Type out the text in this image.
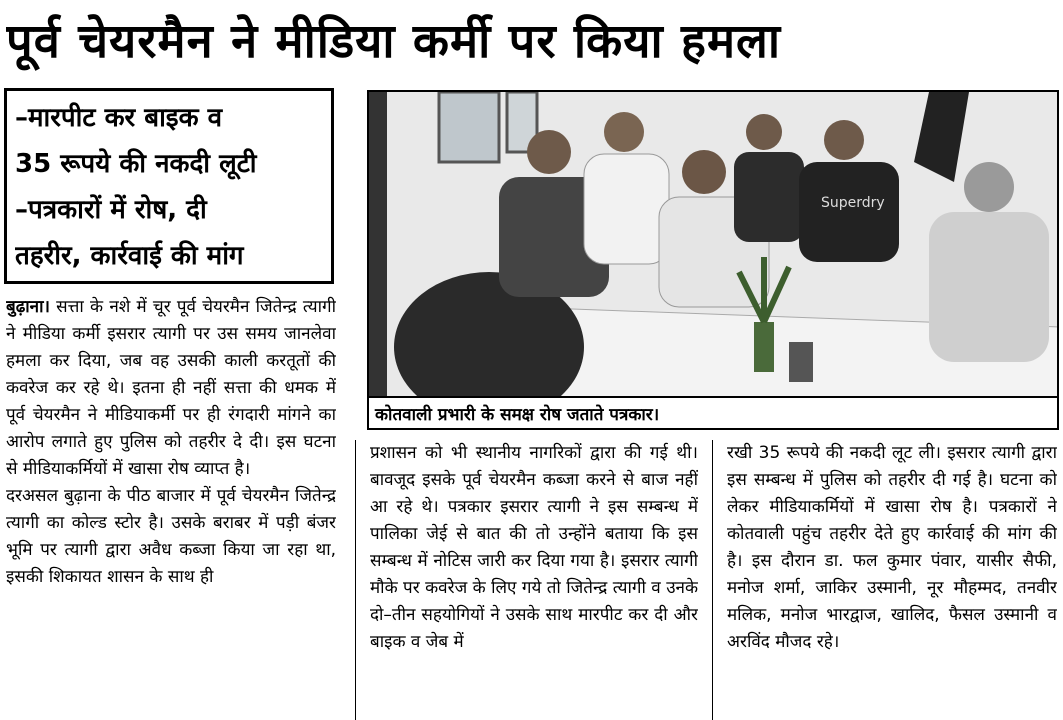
पूर्व चेयरमैन ने मीडिया कर्मी पर किया हमला
–मारपीट कर बाइक व
35 रूपये की नकदी लूटी
–पत्रकारों में रोष, दी
तहरीर, कार्रवाई की मांग
Superdry
कोतवाली प्रभारी के समक्ष रोष जताते पत्रकार।

बुढ़ाना। सत्ता के नशे में चूर पूर्व चेयरमैन जितेन्द्र त्यागी ने मीडिया कर्मी इसरार त्यागी पर उस समय जानलेवा हमला कर दिया, जब वह उसकी काली करतूतों की कवरेज कर रहे थे। इतना ही नहीं सत्ता की धमक में पूर्व चेयरमैन ने मीडियाकर्मी पर ही रंगदारी मांगने का आरोप लगाते हुए पुलिस को तहरीर दे दी। इस घटना से मीडियाकर्मियों में खासा रोष व्याप्त है।

दरअसल बुढ़ाना के पीठ बाजार में पूर्व चेयरमैन जितेन्द्र त्यागी का कोल्ड स्टोर है। उसके बराबर में पड़ी बंजर भूमि पर त्यागी द्वारा अवैध कब्जा किया जा रहा था, इसकी शिकायत शासन के साथ ही

प्रशासन को भी स्थानीय नागरिकों द्वारा की गई थी। बावजूद इसके पूर्व चेयरमैन कब्जा करने से बाज नहीं आ रहे थे। पत्रकार इसरार त्यागी ने इस सम्बन्ध में पालिका जेई से बात की तो उन्होंने बताया कि इस सम्बन्ध में नोटिस जारी कर दिया गया है। इसरार त्यागी मौके पर कवरेज के लिए गये तो जितेन्द्र त्यागी व उनके दो–तीन सहयोगियों ने उसके साथ मारपीट कर दी और बाइक व जेब में

रखी 35 रूपये की नकदी लूट ली। इसरार त्यागी द्वारा इस सम्बन्ध में पुलिस को तहरीर दी गई है। घटना को लेकर मीडियाकर्मियों में खासा रोष है। पत्रकारों ने कोतवाली पहुंच तहरीर देते हुए कार्रवाई की मांग की है। इस दौरान डा. फल कुमार पंवार, यासीर सैफी, मनोज शर्मा, जाकिर उस्मानी, नूर मौहम्मद, तनवीर मलिक, मनोज भारद्वाज, खालिद, फैसल उस्मानी व अरविंद मौजद रहे।
